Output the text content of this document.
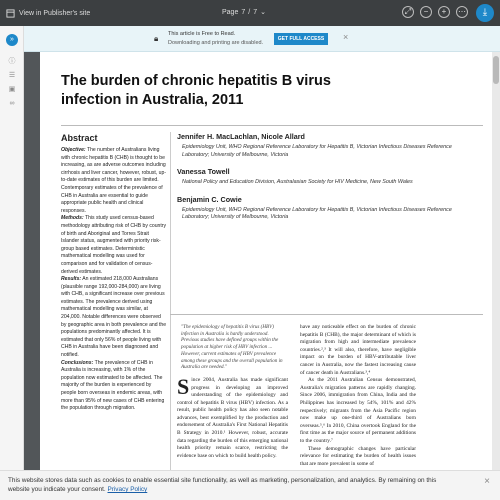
View in Publisher's site	Page 7 / 7 ⌄	⤢	−	+	⋯	⤓
🔒︎ This article is Free to Read.
Downloading and printing are disabled.
GET FULL ACCESS	×
»
ⓘ
☰
▣
∞
The burden of chronic hepatitis B virus infection in Australia, 2011
Abstract
Objective: The number of Australians living with chronic hepatitis B (CHB) is thought to be increasing, as are adverse outcomes including cirrhosis and liver cancer, however, robust, up-to-date estimates of this burden are limited. Contemporary estimates of the prevalence of CHB in Australia are essential to guide appropriate public health and clinical responses.
Methods: This study used census-based methodology attributing risk of CHB by country of birth and Aboriginal and Torres Strait Islander status, augmented with priority risk-group based estimates. Deterministic mathematical modelling was used for comparison and for validation of census-derived estimates.
Results: An estimated 218,000 Australians (plausible range 192,000-284,000) are living with CHB, a significant increase over previous estimates. The prevalence derived using mathematical modelling was similar, at 204,000. Notable differences were observed by geographic area in both prevalence and the populations predominantly affected. It is estimated that only 56% of people living with CHB in Australia have been diagnosed and notified.
Conclusions: The prevalence of CHB in Australia is increasing, with 1% of the population now estimated to be affected. The majority of the burden is experienced by people born overseas in endemic areas, with more than 95% of new cases of CHB entering the population through migration.
Jennifer H. MacLachlan, Nicole Allard
Epidemiology Unit, WHO Regional Reference Laboratory for Hepatitis B, Victorian Infectious Diseases Reference Laboratory; University of Melbourne, Victoria
Vanessa Towell
National Policy and Education Division, Australasian Society for HIV Medicine, New South Wales
Benjamin C. Cowie
Epidemiology Unit, WHO Regional Reference Laboratory for Hepatitis B, Victorian Infectious Diseases Reference Laboratory; University of Melbourne, Victoria
"The epidemiology of hepatitis B virus (HBV) infection in Australia is hardly understood. Previous studies have defined groups within the population at higher risk of HBV infection ... However, current estimates of HBV prevalence among these groups and the overall population in Australia are needed."
Since 2004, Australia has made significant progress in developing an improved understanding of the epidemiology and control of hepatitis B virus (HBV) infection. As a result, public health policy has also seen notable advances, best exemplified by the production and endorsement of Australia's First National Hepatitis B Strategy in 2010.¹ However, robust, accurate data regarding the burden of this emerging national health priority remain scarce, restricting the evidence base on which to build health policy.
have any noticeable effect on the burden of chronic hepatitis B (CHB), the major determinant of which is migration from high and intermediate prevalence countries.²,³ It will also, therefore, have negligible impact on the burden of HBV-attributable liver cancer in Australia, now the fastest increasing cause of cancer death in Australians.³,⁴
As the 2011 Australian Census demonstrated, Australia's migration patterns are rapidly changing. Since 2006, immigration from China, India and the Philippines has increased by 54%, 101% and 42% respectively; migrants from the Asia Pacific region now make up one-third of Australians born overseas.⁵,⁶ In 2010, China overtook England for the first time as the major source of permanent additions to the country.⁷
These demographic changes have particular relevance for estimating the burden of health issues that are more prevalent in some of
This website stores data such as cookies to enable essential site functionality, as well as marketing, personalization, and analytics. By remaining on this website you indicate your consent. Privacy Policy
×
